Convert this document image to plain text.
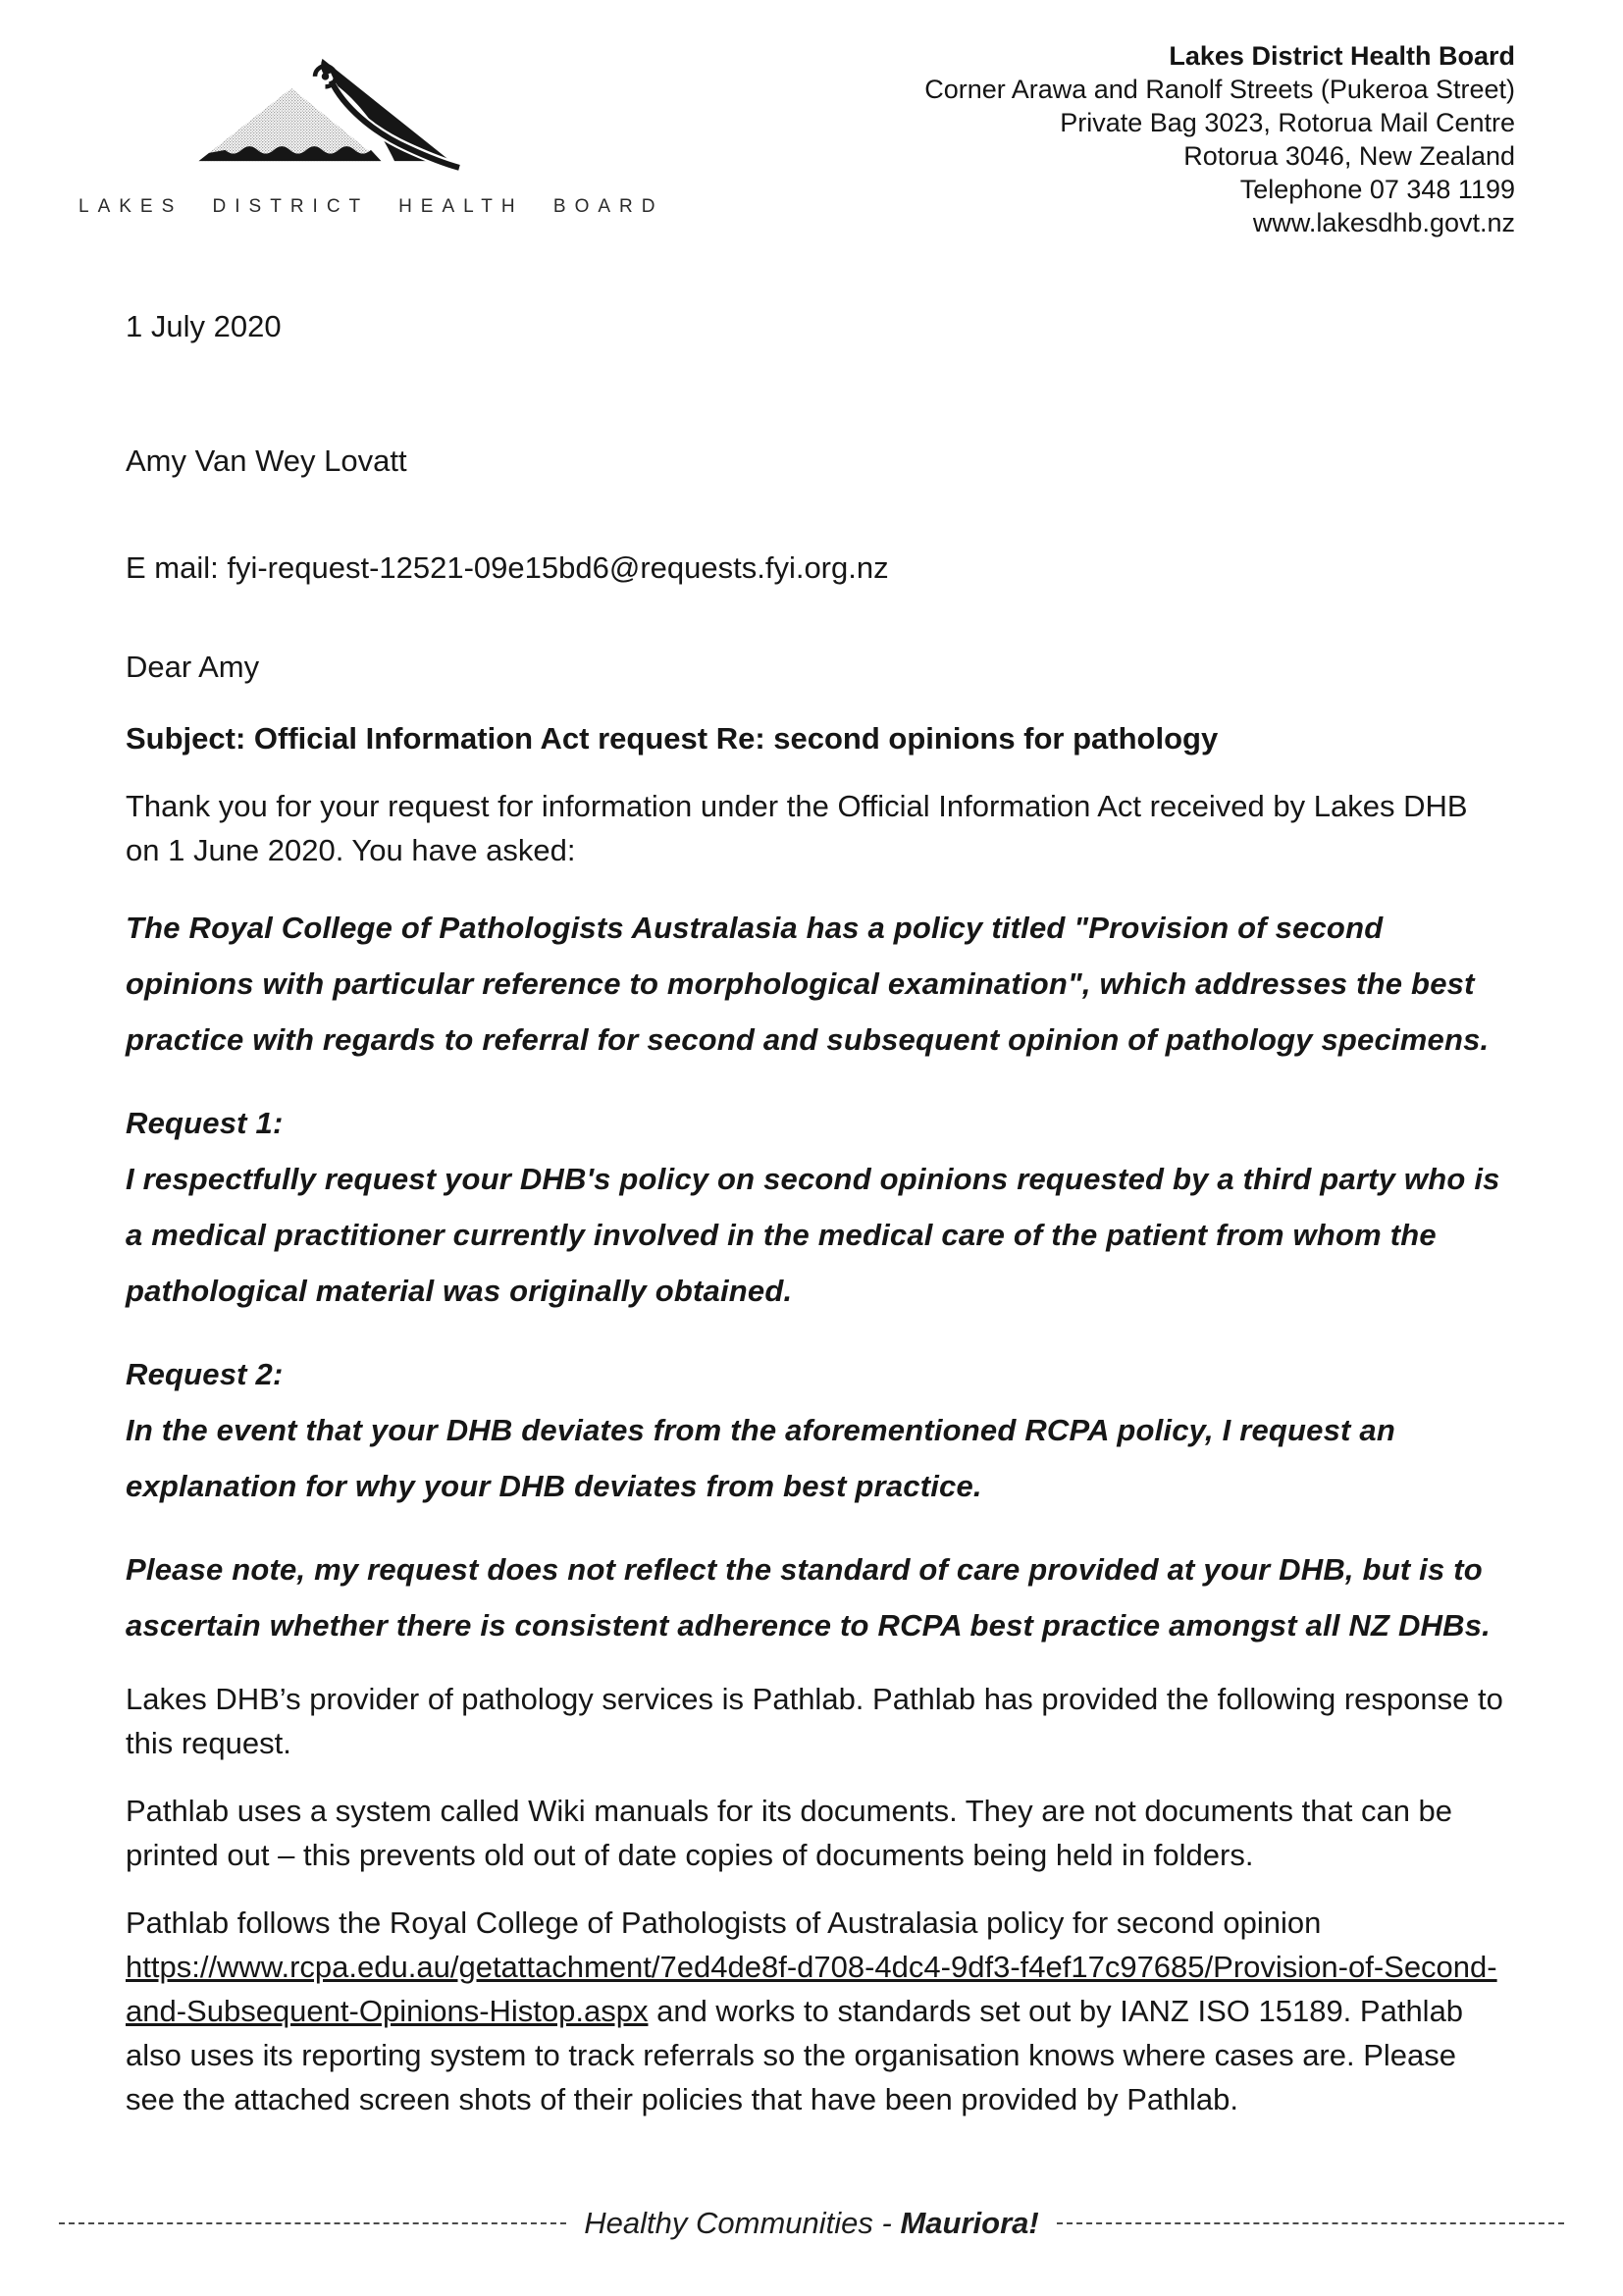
LAKES DISTRICT HEALTH BOARD
Lakes District Health Board
Corner Arawa and Ranolf Streets (Pukeroa Street)
Private Bag 3023, Rotorua Mail Centre
Rotorua 3046, New Zealand
Telephone 07 348 1199
www.lakesdhb.govt.nz
1 July 2020
Amy Van Wey Lovatt
E mail: fyi-request-12521-09e15bd6@requests.fyi.org.nz
Dear Amy
Subject: Official Information Act request Re: second opinions for pathology
Thank you for your request for information under the Official Information Act received by Lakes DHB on 1 June 2020. You have asked:
The Royal College of Pathologists Australasia has a policy titled "Provision of second opinions with particular reference to morphological examination", which addresses the best practice with regards to referral for second and subsequent opinion of pathology specimens.
Request 1:
I respectfully request your DHB's policy on second opinions requested by a third party who is a medical practitioner currently involved in the medical care of the patient from whom the pathological material was originally obtained.
Request 2:
In the event that your DHB deviates from the aforementioned RCPA policy, I request an explanation for why your DHB deviates from best practice.
Please note, my request does not reflect the standard of care provided at your DHB, but is to ascertain whether there is consistent adherence to RCPA best practice amongst all NZ DHBs.
Lakes DHB’s provider of pathology services is Pathlab. Pathlab has provided the following response to this request.
Pathlab uses a system called Wiki manuals for its documents. They are not documents that can be printed out – this prevents old out of date copies of documents being held in folders.
Pathlab follows the Royal College of Pathologists of Australasia policy for second opinion https://www.rcpa.edu.au/getattachment/7ed4de8f-d708-4dc4-9df3-f4ef17c97685/Provision-of-Second-and-Subsequent-Opinions-Histop.aspx and works to standards set out by IANZ ISO 15189. Pathlab also uses its reporting system to track referrals so the organisation knows where cases are. Please see the attached screen shots of their policies that have been provided by Pathlab.
Healthy Communities - Mauriora!
